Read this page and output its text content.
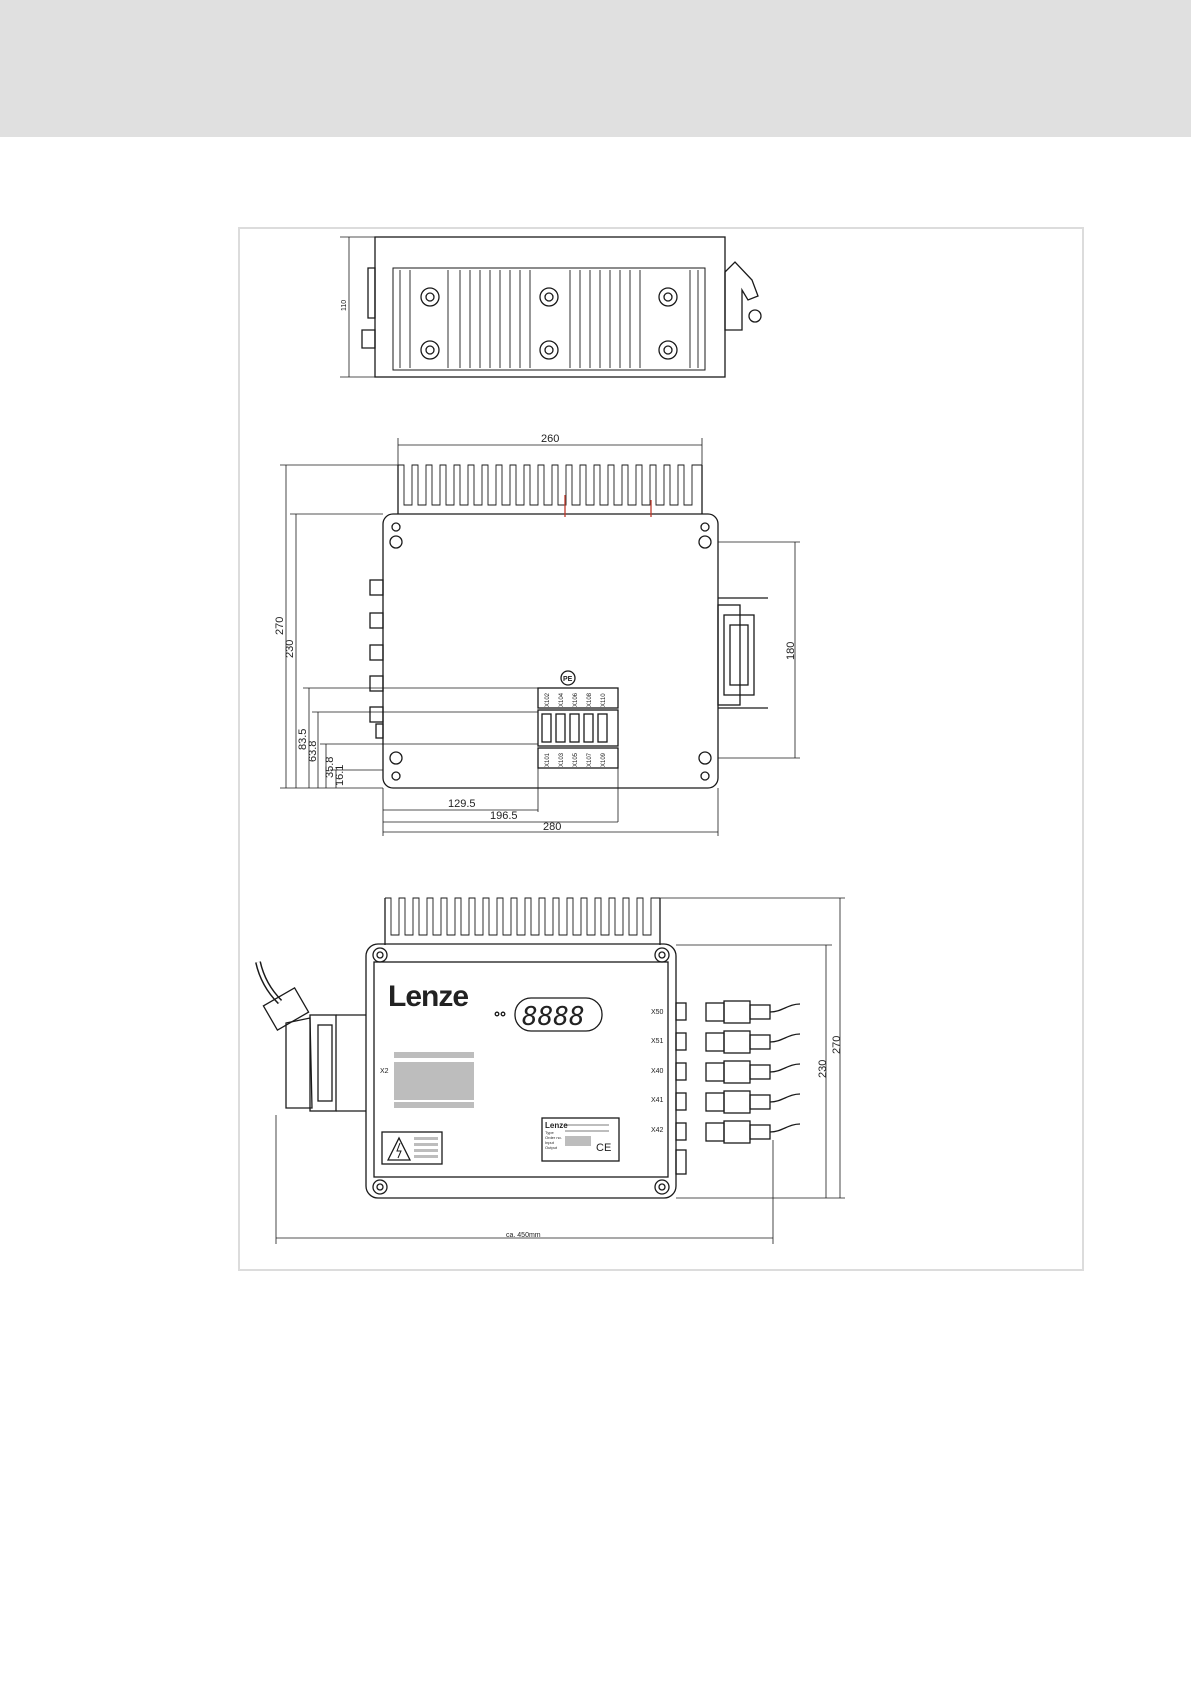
110
260
270
230
83.5
63.8
35.8
16.1
180
129.5
196.5
280
PE
X102 X104 X106 X108 X110
X101 X103 X105 X107 X109
Lenze
8888
X2
X50
X51
X40
X41
X42
230
270
ca. 450mm
Lenze
Type
Order no.
Input
Output	CE
